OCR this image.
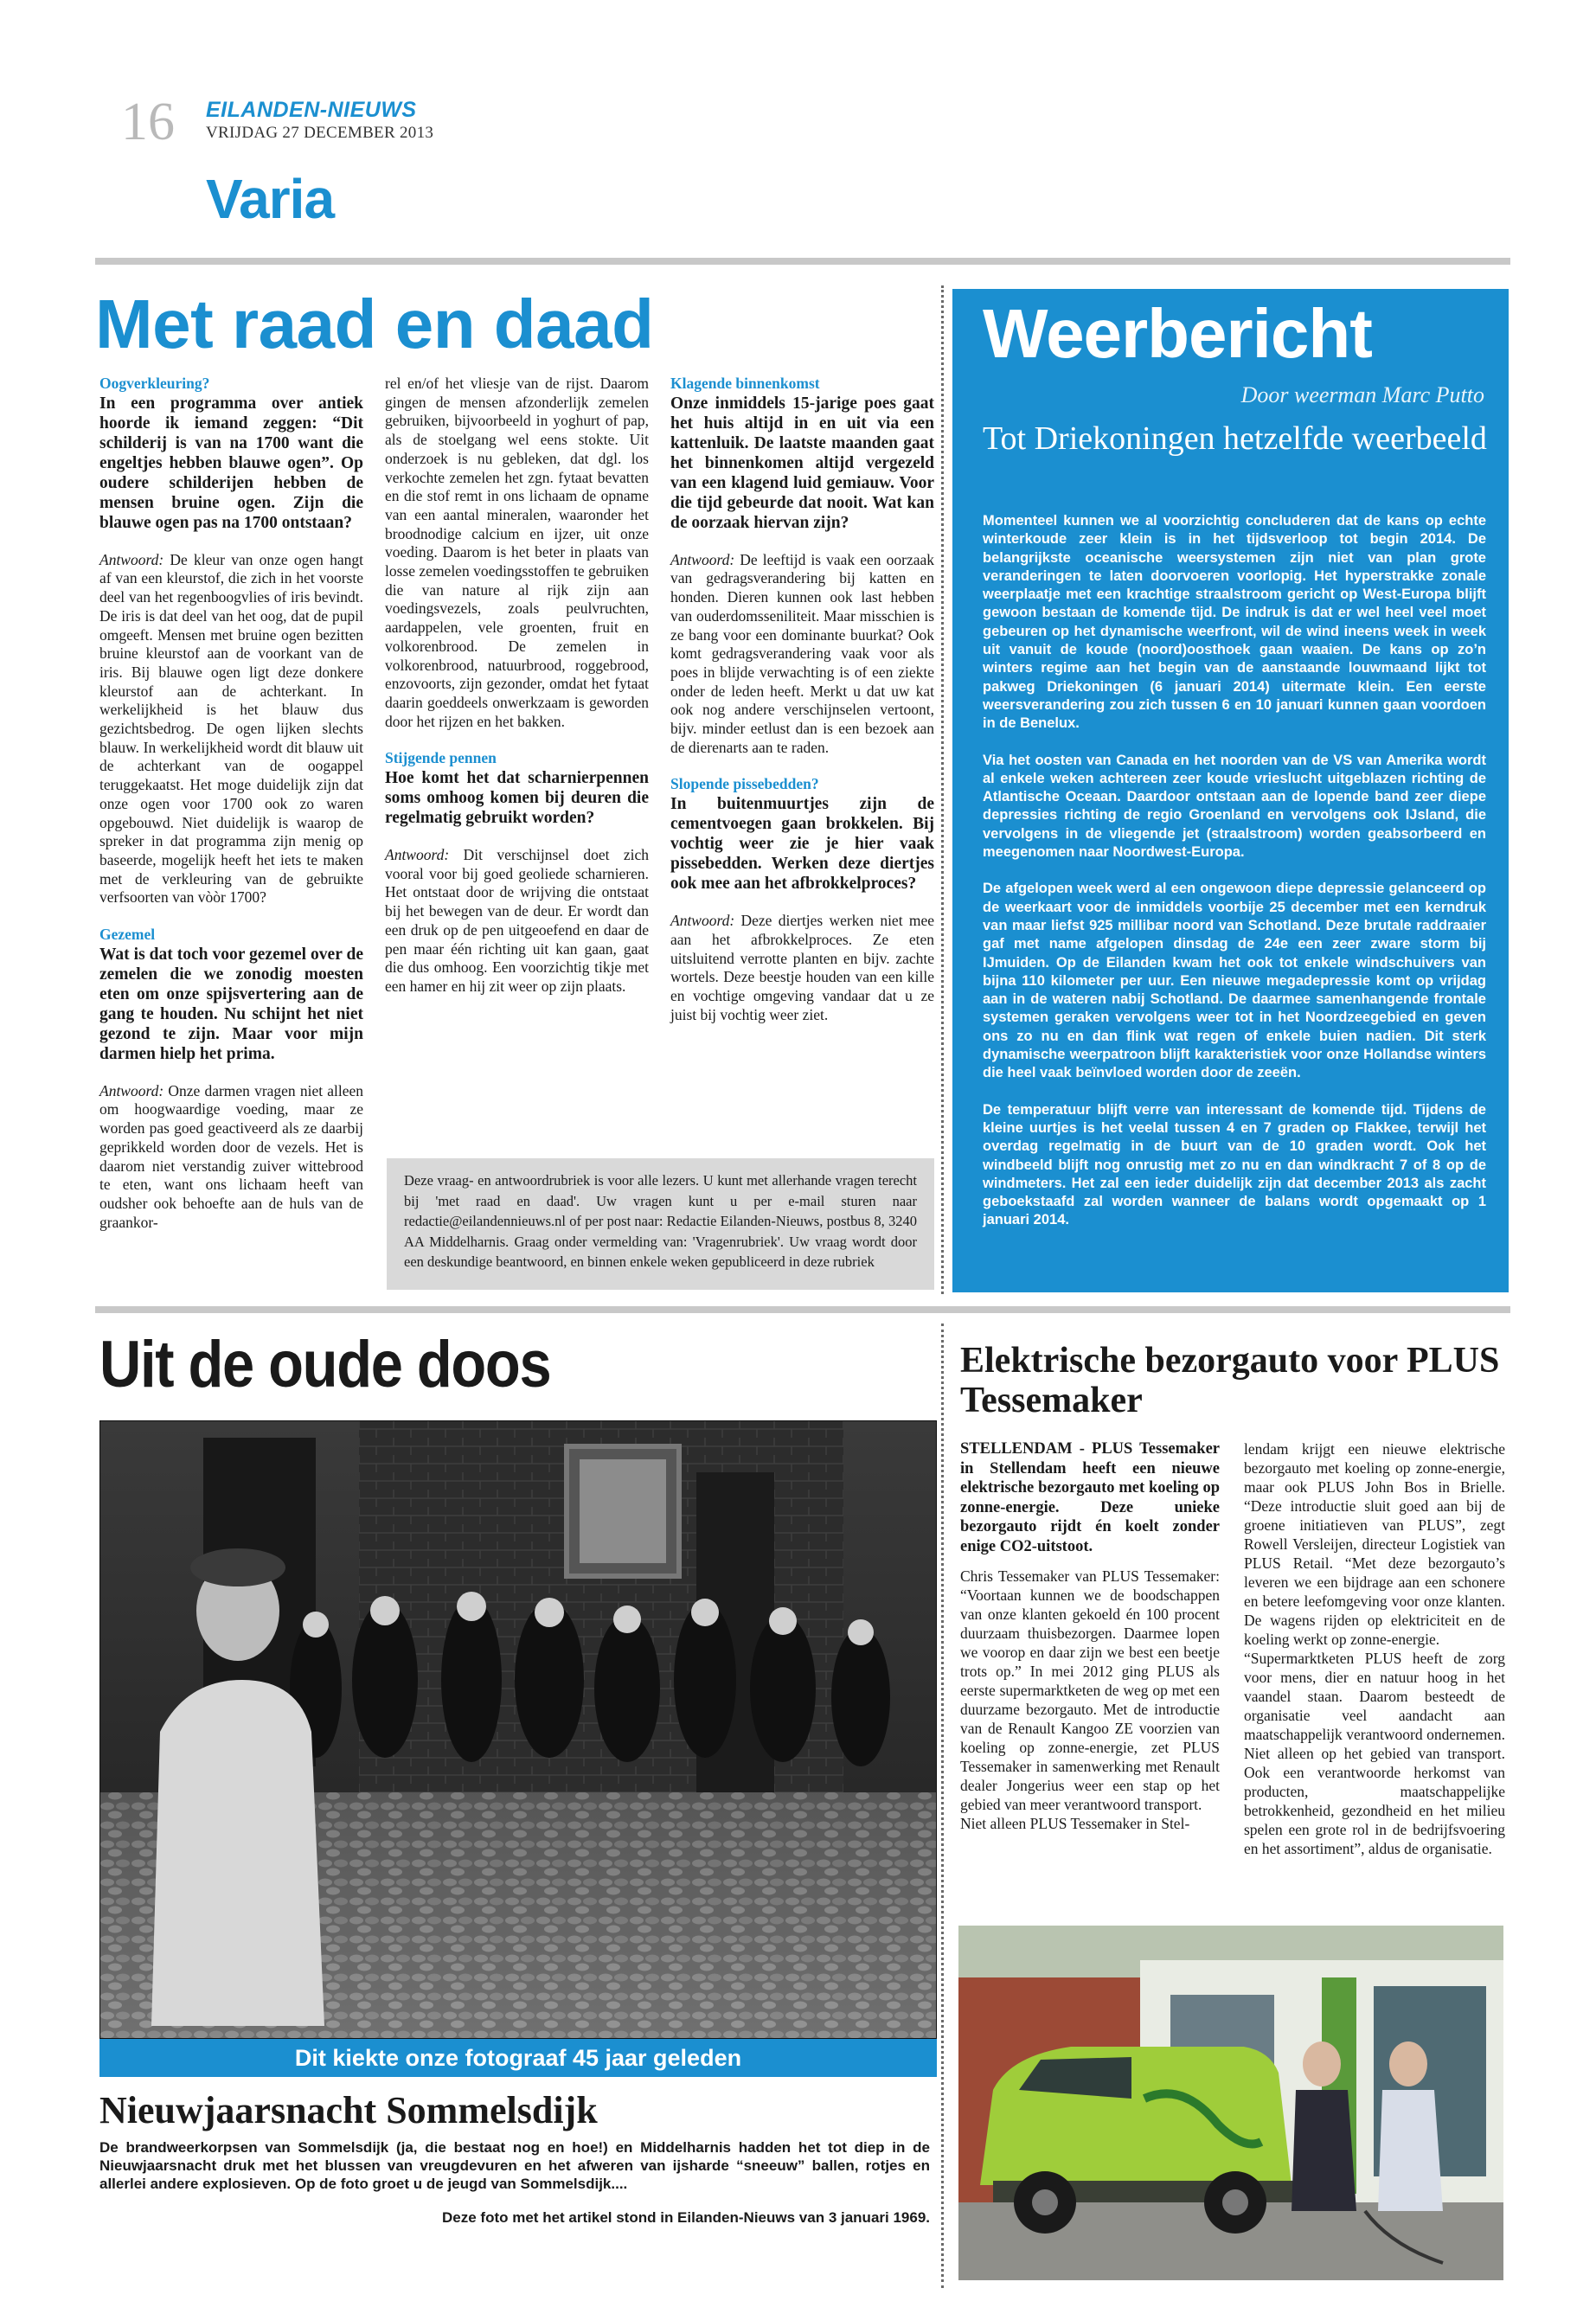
16 EILANDEN-NIEUWS
VRIJDAG 27 DECEMBER 2013
Varia
Met raad en daad

Oogverkleuring?

In een programma over antiek hoorde ik iemand zeggen: “Dit schilderij is van na 1700 want die engeltjes hebben blauwe ogen”. Op oudere schilderijen hebben de mensen bruine ogen. Zijn die blauwe ogen pas na 1700 ontstaan?

Antwoord: De kleur van onze ogen hangt af van een kleurstof, die zich in het voorste deel van het regenboogvlies of iris bevindt. De iris is dat deel van het oog, dat de pupil omgeeft. Mensen met bruine ogen bezitten bruine kleurstof aan de voorkant van de iris. Bij blauwe ogen ligt deze donkere kleurstof aan de achterkant. In werkelijkheid is het blauw dus gezichtsbedrog. De ogen lijken slechts blauw. In werkelijkheid wordt dit blauw uit de achterkant van de oogappel teruggekaatst. Het moge duidelijk zijn dat onze ogen voor 1700 ook zo waren opgebouwd. Niet duidelijk is waarop de spreker in dat programma zijn menig op baseerde, mogelijk heeft het iets te maken met de verkleuring van de gebruikte verfsoorten van vòòr 1700?

Gezemel

Wat is dat toch voor gezemel over de zemelen die we zonodig moesten eten om onze spijsvertering aan de gang te houden. Nu schijnt het niet gezond te zijn. Maar voor mijn darmen hielp het prima.

Antwoord: Onze darmen vragen niet alleen om hoogwaardige voeding, maar ze worden pas goed geactiveerd als ze daarbij geprikkeld worden door de vezels. Het is daarom niet verstandig zuiver wittebrood te eten, want ons lichaam heeft van oudsher ook behoefte aan de huls van de graankor-

rel en/of het vliesje van de rijst. Daarom gingen de mensen afzonderlijk zemelen gebruiken, bijvoorbeeld in yoghurt of pap, als de stoelgang wel eens stokte. Uit onderzoek is nu gebleken, dat dgl. los verkochte zemelen het zgn. fytaat bevatten en die stof remt in ons lichaam de opname van een aantal mineralen, waaronder het broodnodige calcium en ijzer, uit onze voeding. Daarom is het beter in plaats van losse zemelen voedingsstoffen te gebruiken die van nature al rijk zijn aan voedingsvezels, zoals peulvruchten, aardappelen, vele groenten, fruit en volkorenbrood. De zemelen in volkorenbrood, natuurbrood, roggebrood, enzovoorts, zijn gezonder, omdat het fytaat daarin goeddeels onwerkzaam is geworden door het rijzen en het bakken.

Stijgende pennen

Hoe komt het dat scharnierpennen soms omhoog komen bij deuren die regelmatig gebruikt worden?

Antwoord: Dit verschijnsel doet zich vooral voor bij goed geoliede scharnieren. Het ontstaat door de wrijving die ontstaat bij het bewegen van de deur. Er wordt dan een druk op de pen uitgeoefend en daar de pen maar één richting uit kan gaan, gaat die dus omhoog. Een voorzichtig tikje met een hamer en hij zit weer op zijn plaats.

Klagende binnenkomst

Onze inmiddels 15-jarige poes gaat het huis altijd in en uit via een kattenluik. De laatste maanden gaat het binnenkomen altijd vergezeld van een klagend luid gemiauw. Voor die tijd gebeurde dat nooit. Wat kan de oorzaak hiervan zijn?

Antwoord: De leeftijd is vaak een oorzaak van gedragsverandering bij katten en honden. Dieren kunnen ook last hebben van ouderdomsseniliteit. Maar misschien is ze bang voor een dominante buurkat? Ook komt gedragsverandering vaak voor als poes in blijde verwachting is of een ziekte onder de leden heeft. Merkt u dat uw kat ook nog andere verschijnselen vertoont, bijv. minder eetlust dan is een bezoek aan de dierenarts aan te raden.

Slopende pissebedden?

In buitenmuurtjes zijn de cementvoegen gaan brokkelen. Bij vochtig weer zie je hier vaak pissebedden. Werken deze diertjes ook mee aan het afbrokkelproces?

Antwoord: Deze diertjes werken niet mee aan het afbrokkelproces. Ze eten uitsluitend verrotte planten en bijv. zachte wortels. Deze beestje houden van een kille en vochtige omgeving vandaar dat u ze juist bij vochtig weer ziet.

Deze vraag- en antwoordrubriek is voor alle lezers. U kunt met allerhande vragen terecht bij 'met raad en daad'. Uw vragen kunt u per e-mail sturen naar redactie@eilandennieuws.nl of per post naar: Redactie Eilanden-Nieuws, postbus 8, 3240 AA Middelharnis. Graag onder vermelding van: 'Vragenrubriek'. Uw vraag wordt door een deskundige beantwoord, en binnen enkele weken gepubliceerd in deze rubriek
Weerbericht
Door weerman Marc Putto
Tot Driekoningen hetzelfde weerbeeld

Momenteel kunnen we al voorzichtig concluderen dat de kans op echte winterkoude zeer klein is in het tijdsverloop tot begin 2014. De belangrijkste oceanische weersystemen zijn niet van plan grote veranderingen te laten doorvoeren voorlopig. Het hyperstrakke zonale weerplaatje met een krachtige straalstroom gericht op West-Europa blijft gewoon bestaan de komende tijd. De indruk is dat er wel heel veel moet gebeuren op het dynamische weerfront, wil de wind ineens week in week uit vanuit de koude (noord)oosthoek gaan waaien. De kans op zo’n winters regime aan het begin van de aanstaande louwmaand lijkt tot pakweg Driekoningen (6 januari 2014) uitermate klein. Een eerste weersverandering zou zich tussen 6 en 10 januari kunnen gaan voordoen in de Benelux.

Via het oosten van Canada en het noorden van de VS van Amerika wordt al enkele weken achtereen zeer koude vrieslucht uitgeblazen richting de Atlantische Oceaan. Daardoor ontstaan aan de lopende band zeer diepe depressies richting de regio Groenland en vervolgens ook IJsland, die vervolgens in de vliegende jet (straalstroom) worden geabsorbeerd en meegenomen naar Noordwest-Europa.

De afgelopen week werd al een ongewoon diepe depressie gelanceerd op de weerkaart voor de inmiddels voorbije 25 december met een kerndruk van maar liefst 925 millibar noord van Schotland. Deze brutale raddraaier gaf met name afgelopen dinsdag de 24e een zeer zware storm bij IJmuiden. Op de Eilanden kwam het ook tot enkele windschuivers van bijna 110 kilometer per uur. Een nieuwe megadepressie komt op vrijdag aan in de wateren nabij Schotland. De daarmee samenhangende frontale systemen geraken vervolgens weer tot in het Noordzeegebied en geven ons zo nu en dan flink wat regen of enkele buien nadien. Dit sterk dynamische weerpatroon blijft karakteristiek voor onze Hollandse winters die heel vaak beïnvloed worden door de zeeën.

De temperatuur blijft verre van interessant de komende tijd. Tijdens de kleine uurtjes is het veelal tussen 4 en 7 graden op Flakkee, terwijl het overdag regelmatig in de buurt van de 10 graden wordt. Ook het windbeeld blijft nog onrustig met zo nu en dan windkracht 7 of 8 op de windmeters. Het zal een ieder duidelijk zijn dat december 2013 als zacht geboekstaafd zal worden wanneer de balans wordt opgemaakt op 1 januari 2014.

Uit de oude doos
Dit kiekte onze fotograaf 45 jaar geleden
Nieuwjaarsnacht Sommelsdijk
De brandweerkorpsen van Sommelsdijk (ja, die bestaat nog en hoe!) en Middelharnis hadden het tot diep in de Nieuwjaarsnacht druk met het blussen van vreugdevuren en het afweren van ijsharde “sneeuw” ballen, rotjes en allerlei andere explosieven. Op de foto groet u de jeugd van Sommelsdijk....
Deze foto met het artikel stond in Eilanden-Nieuws van 3 januari 1969.
Elektrische bezorgauto voor PLUS Tessemaker

STELLENDAM - PLUS Tessemaker in Stellendam heeft een nieuwe elektrische bezorgauto met koeling op zonne-energie. Deze unieke bezorgauto rijdt én koelt zonder enige CO2-uitstoot.

Chris Tessemaker van PLUS Tessemaker: “Voortaan kunnen we de boodschappen van onze klanten gekoeld én 100 procent duurzaam thuisbezorgen. Daarmee lopen we voorop en daar zijn we best een beetje trots op.” In mei 2012 ging PLUS als eerste supermarktketen de weg op met een duurzame bezorgauto. Met de introductie van de Renault Kangoo ZE voorzien van koeling op zonne-energie, zet PLUS Tessemaker in samenwerking met Renault dealer Jongerius weer een stap op het gebied van meer verantwoord transport.

Niet alleen PLUS Tessemaker in Stel-

lendam krijgt een nieuwe elektrische bezorgauto met koeling op zonne-energie, maar ook PLUS John Bos in Brielle. “Deze introductie sluit goed aan bij de groene initiatieven van PLUS”, zegt Rowell Versleijen, directeur Logistiek van PLUS Retail. “Met deze bezorgauto’s leveren we een bijdrage aan een schonere en betere leefomgeving voor onze klanten. De wagens rijden op elektriciteit en de koeling werkt op zonne-energie.

“Supermarktketen PLUS heeft de zorg voor mens, dier en natuur hoog in het vaandel staan. Daarom besteedt de organisatie veel aandacht aan maatschappelijk verantwoord ondernemen. Niet alleen op het gebied van transport. Ook een verantwoorde herkomst van producten, maatschappelijke betrokkenheid, gezondheid en het milieu spelen een grote rol in de bedrijfsvoering en het assortiment”, aldus de organisatie.
